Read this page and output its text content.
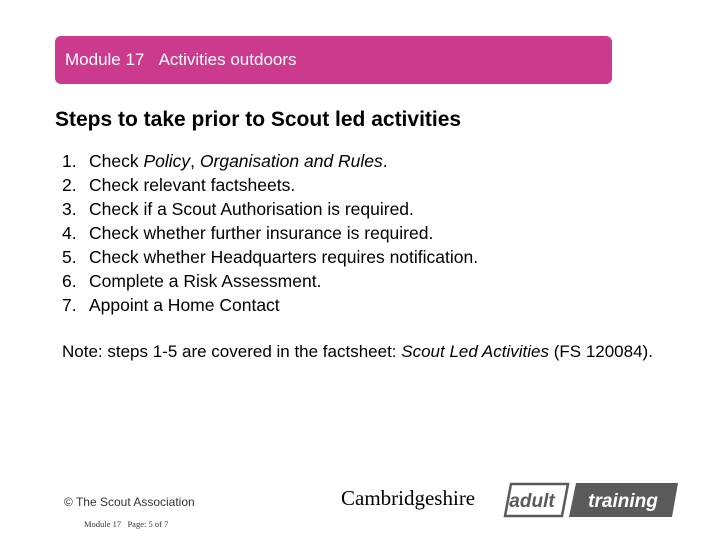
Module 17
Activities outdoors
Steps to take prior to Scout led activities
1. Check Policy, Organisation and Rules.
2. Check relevant factsheets.
3. Check if a Scout Authorisation is required.
4. Check whether further insurance is required.
5. Check whether Headquarters requires notification.
6. Complete a Risk Assessment.
7. Appoint a Home Contact
Note: steps 1-5 are covered in the factsheet: Scout Led Activities (FS 120084).
© The Scout Association
Module 17 Page: 5 of 7
Cambridgeshire adult training
